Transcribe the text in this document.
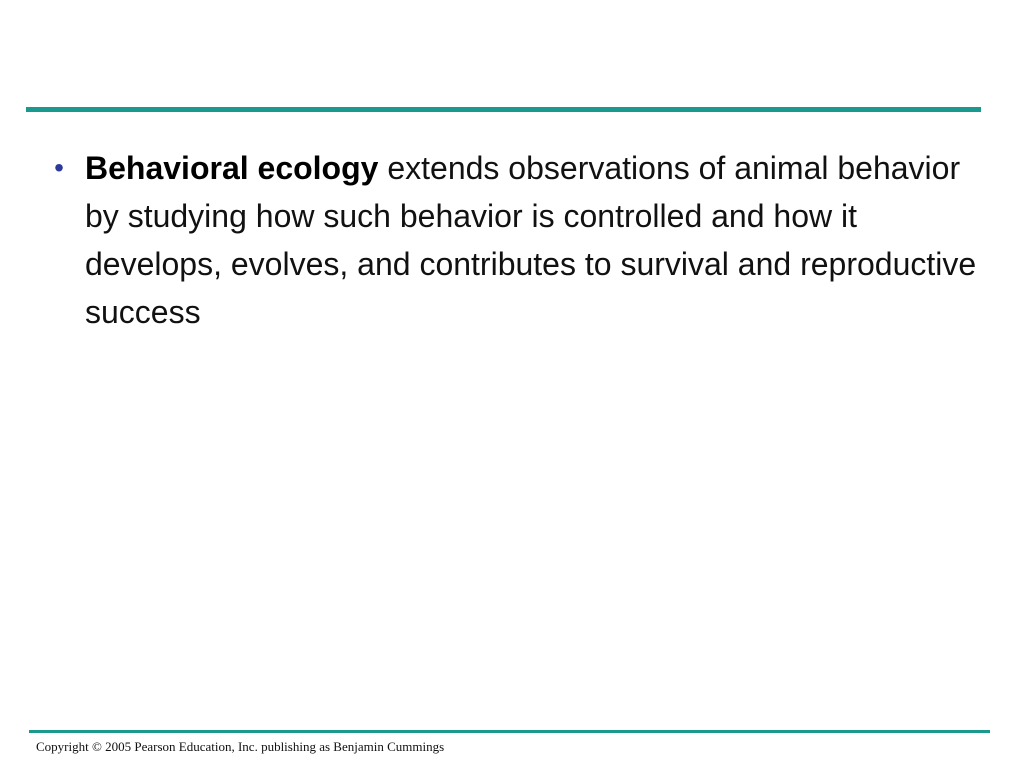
• Behavioral ecology extends observations of animal behavior by studying how such behavior is controlled and how it develops, evolves, and contributes to survival and reproductive success
Copyright © 2005 Pearson Education, Inc. publishing as Benjamin Cummings
